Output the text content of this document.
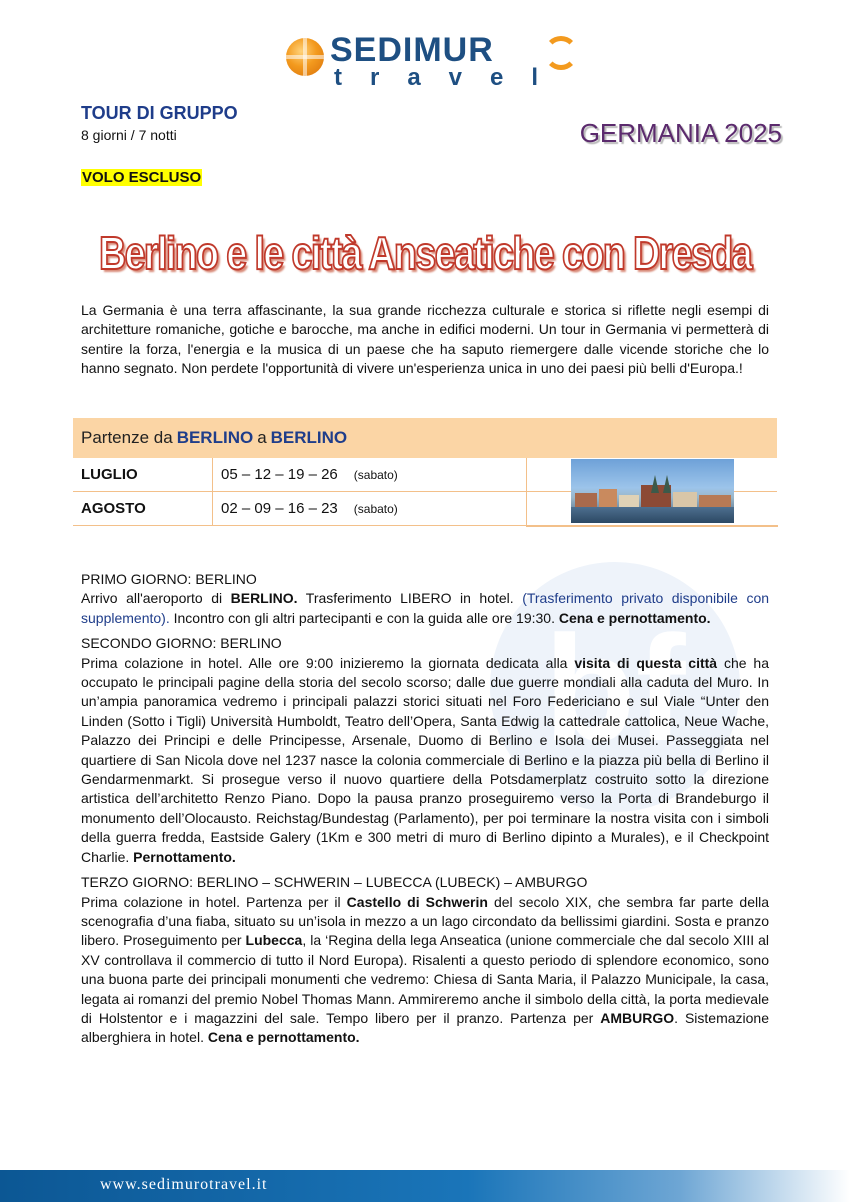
SEDIMUR
travel
TOUR DI GRUPPO
8 giorni / 7 notti
VOLO ESCLUSO
GERMANIA 2025
Berlino e le città Anseatiche con Dresda
La Germania è una terra affascinante, la sua grande ricchezza culturale e storica si riflette negli esempi di architetture romaniche, gotiche e barocche, ma anche in edifici moderni. Un tour in Germania vi permetterà di sentire la forza, l'energia e la musica di un paese che ha saputo riemergere dalle vicende storiche che lo hanno segnato. Non perdete l'opportunità di vivere un'esperienza unica in uno dei paesi più belli d'Europa.!
Partenze da BERLINO a BERLINO
LUGLIO	05 – 12 – 19 – 26 (sabato)
AGOSTO	02 – 09 – 16 – 23 (sabato)
bf
PRIMO GIORNO: BERLINO
Arrivo all'aeroporto di BERLINO. Trasferimento LIBERO in hotel. (Trasferimento privato disponibile con supplemento). Incontro con gli altri partecipanti e con la guida alle ore 19:30. Cena e pernottamento.
SECONDO GIORNO: BERLINO
Prima colazione in hotel. Alle ore 9:00 inizieremo la giornata dedicata alla visita di questa città che ha occupato le principali pagine della storia del secolo scorso; dalle due guerre mondiali alla caduta del Muro. In un’ampia panoramica vedremo i principali palazzi storici situati nel Foro Federiciano e sul Viale “Unter den Linden (Sotto i Tigli) Università Humboldt, Teatro dell’Opera, Santa Edwig la cattedrale cattolica, Neue Wache, Palazzo dei Principi e delle Principesse, Arsenale, Duomo di Berlino e Isola dei Musei. Passeggiata nel quartiere di San Nicola dove nel 1237 nasce la colonia commerciale di Berlino e la piazza più bella di Berlino il Gendarmenmarkt. Si prosegue verso il nuovo quartiere della Potsdamerplatz costruito sotto la direzione artistica dell’architetto Renzo Piano. Dopo la pausa pranzo proseguiremo verso la Porta di Brandeburgo il monumento dell’Olocausto. Reichstag/Bundestag (Parlamento), per poi terminare la nostra visita con i simboli della guerra fredda, Eastside Galery (1Km e 300 metri di muro di Berlino dipinto a Murales), e il Checkpoint Charlie. Pernottamento.
TERZO GIORNO: BERLINO – SCHWERIN – LUBECCA (LUBECK) – AMBURGO
Prima colazione in hotel. Partenza per il Castello di Schwerin del secolo XIX, che sembra far parte della scenografia d’una fiaba, situato su un’isola in mezzo a un lago circondato da bellissimi giardini. Sosta e pranzo libero. Proseguimento per Lubecca, la ‘Regina della lega Anseatica (unione commerciale che dal secolo XIII al XV controllava il commercio di tutto il Nord Europa). Risalenti a questo periodo di splendore economico, sono una buona parte dei principali monumenti che vedremo: Chiesa di Santa Maria, il Palazzo Municipale, la casa, legata ai romanzi del premio Nobel Thomas Mann. Ammireremo anche il simbolo della città, la porta medievale di Holstentor e i magazzini del sale. Tempo libero per il pranzo. Partenza per AMBURGO. Sistemazione alberghiera in hotel. Cena e pernottamento.
www.sedimurotravel.it
